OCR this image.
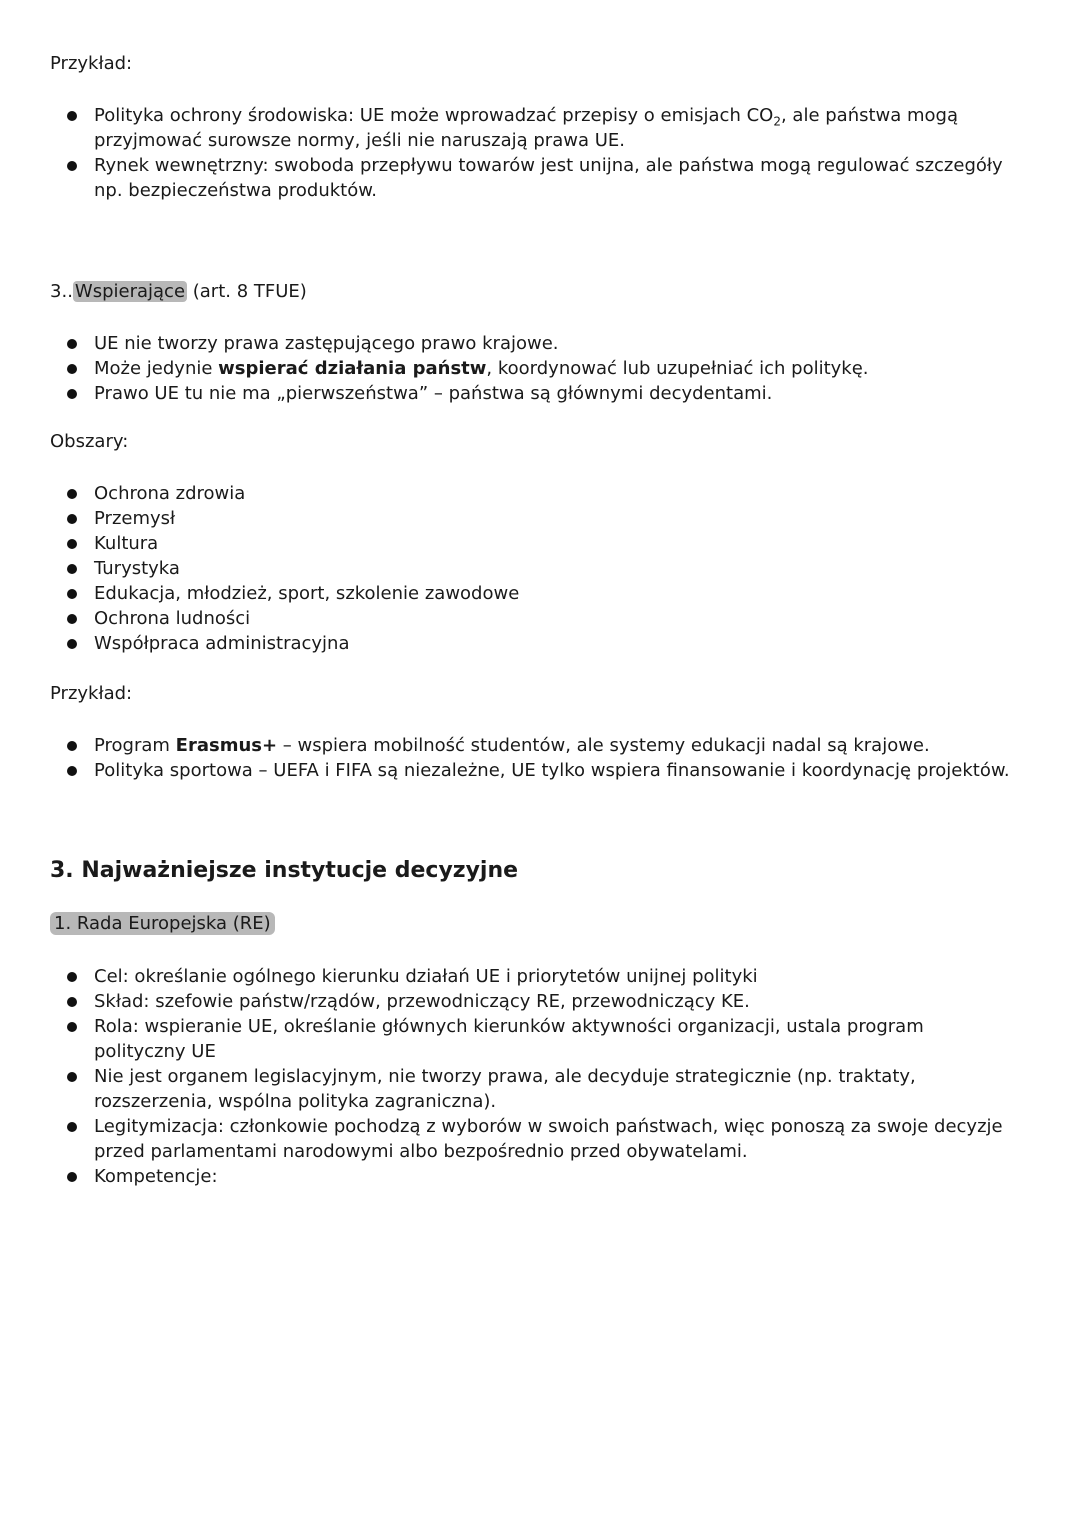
Przykład:

Polityka ochrony środowiska: UE może wprowadzać przepisy o emisjach $CO_2$, ale państwa mogą przyjmować surowsze normy, jeśli nie naruszają prawa UE.
Rynek wewnętrzny: swoboda przepływu towarów jest unijna, ale państwa mogą regulować szczegóły np. bezpieczeństwa produktów.

3.. Wspierające (art. 8 TFUE)

UE nie tworzy prawa zastępującego prawo krajowe.
Może jedynie wspierać działania państw, koordynować lub uzupełniać ich politykę.
Prawo UE tu nie ma „pierwszeństwa” – państwa są głównymi decydentami.

Obszary:

Ochrona zdrowia
Przemysł
Kultura
Turystyka
Edukacja, młodzież, sport, szkolenie zawodowe
Ochrona ludności
Współpraca administracyjna

Przykład:

Program Erasmus+ – wspiera mobilność studentów, ale systemy edukacji nadal są krajowe.
Polityka sportowa – UEFA i FIFA są niezależne, UE tylko wspiera finansowanie i koordynację projektów.
3. Najważniejsze instytucje decyzyjne

1. Rada Europejska (RE)

Cel: określanie ogólnego kierunku działań UE i priorytetów unijnej polityki
Skład: szefowie państw/rządów, przewodniczący RE, przewodniczący KE.
Rola: wspieranie UE, określanie głównych kierunków aktywności organizacji, ustala program polityczny UE
Nie jest organem legislacyjnym, nie tworzy prawa, ale decyduje strategicznie (np. traktaty, rozszerzenia, wspólna polityka zagraniczna).
Legitymizacja: członkowie pochodzą z wyborów w swoich państwach, więc ponoszą za swoje decyzje przed parlamentami narodowymi albo bezpośrednio przed obywatelami.
Kompetencje:
